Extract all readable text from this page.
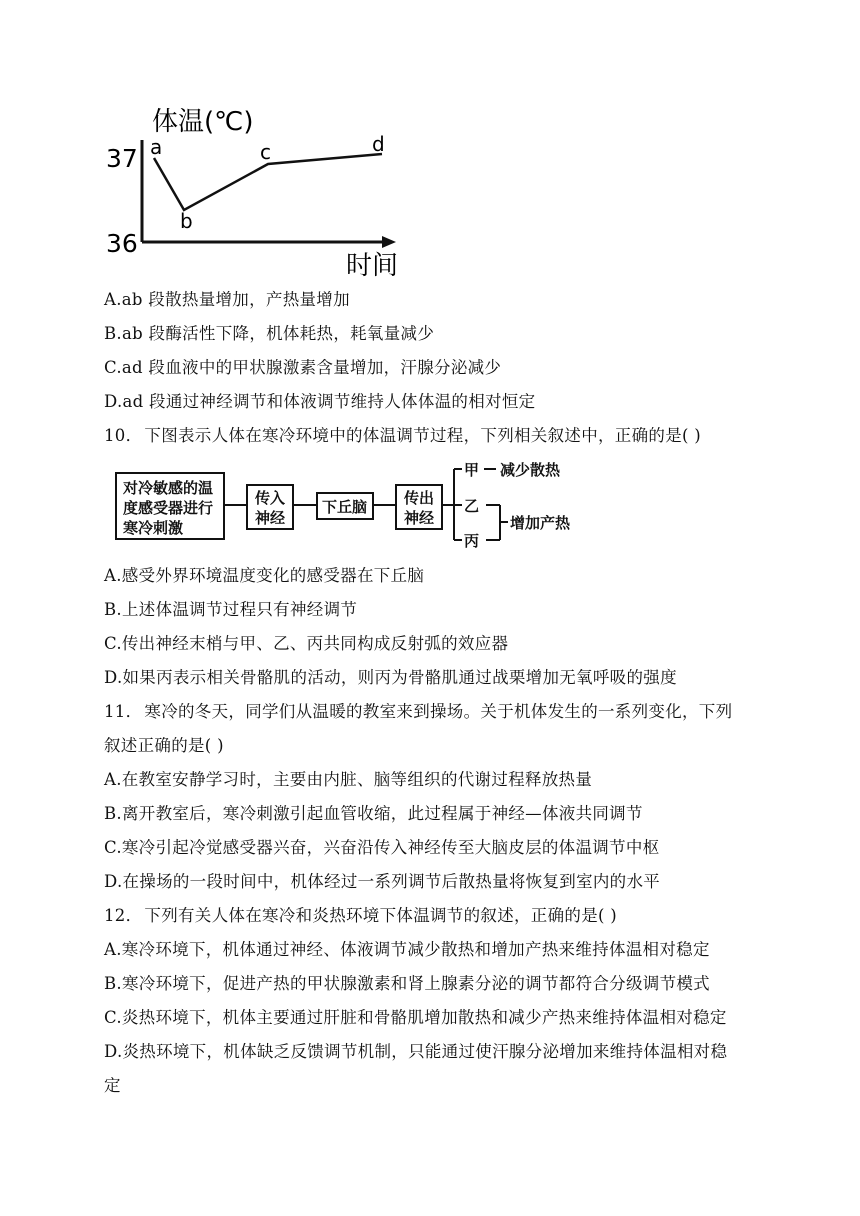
体温(℃)
时间
37
36
a
b
c	d
A.ab 段散热量增加，产热量增加
B.ab 段酶活性下降，机体耗热，耗氧量减少
C.ad 段血液中的甲状腺激素含量增加，汗腺分泌减少
D.ad 段通过神经调节和体液调节维持人体体温的相对恒定
10． 下图表示人体在寒冷环境中的体温调节过程，下列相关叙述中，正确的是( )
对冷敏感的温
度感受器进行
寒冷刺激
传入
神经
下丘脑 传出
神经
甲 减少散热
乙
丙
增加产热
A.感受外界环境温度变化的感受器在下丘脑
B.上述体温调节过程只有神经调节
C.传出神经末梢与甲、乙、丙共同构成反射弧的效应器
D.如果丙表示相关骨骼肌的活动，则丙为骨骼肌通过战栗增加无氧呼吸的强度
11． 寒冷的冬天，同学们从温暖的教室来到操场。关于机体发生的一系列变化，下列
叙述正确的是( )
A.在教室安静学习时，主要由内脏、脑等组织的代谢过程释放热量
B.离开教室后，寒冷刺激引起血管收缩，此过程属于神经—体液共同调节
C.寒冷引起冷觉感受器兴奋，兴奋沿传入神经传至大脑皮层的体温调节中枢
D.在操场的一段时间中，机体经过一系列调节后散热量将恢复到室内的水平
12． 下列有关人体在寒冷和炎热环境下体温调节的叙述，正确的是( )
A.寒冷环境下，机体通过神经、体液调节减少散热和增加产热来维持体温相对稳定
B.寒冷环境下，促进产热的甲状腺激素和肾上腺素分泌的调节都符合分级调节模式
C.炎热环境下，机体主要通过肝脏和骨骼肌增加散热和减少产热来维持体温相对稳定
D.炎热环境下，机体缺乏反馈调节机制，只能通过使汗腺分泌增加来维持体温相对稳
定
